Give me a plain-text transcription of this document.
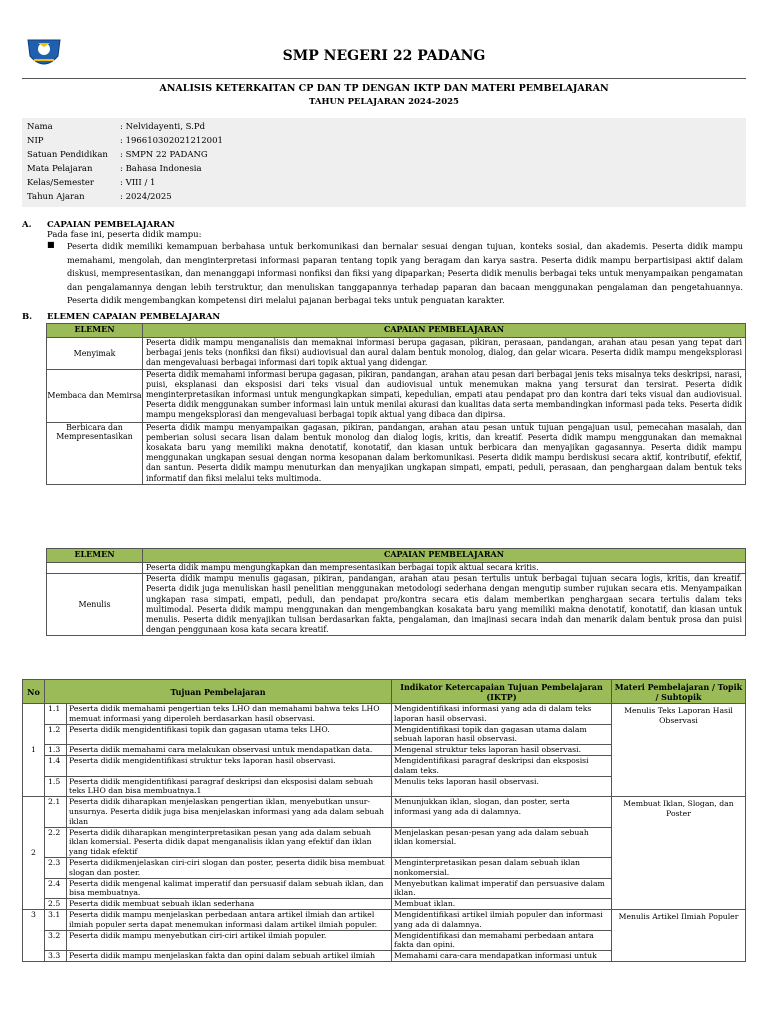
SMP NEGERI 22 PADANG
ANALISIS KETERKAITAN CP DAN TP DENGAN IKTP DAN MATERI PEMBELAJARAN
TAHUN PELAJARAN 2024-2025
Nama	: Nelvidayenti, S.Pd
NIP	: 196610302021212001
Satuan Pendidikan	: SMPN 22 PADANG
Mata Pelajaran	: Bahasa Indonesia
Kelas/Semester	: VIII / 1
Tahun Ajaran	: 2024/2025
A.	CAPAIAN PEMBELAJARAN
Pada fase ini, peserta didik mampu:
■	Peserta didik memiliki kemampuan berbahasa untuk berkomunikasi dan bernalar sesuai dengan tujuan, konteks sosial, dan akademis. Peserta didik mampu memahami, mengolah, dan menginterpretasi informasi paparan tentang topik yang beragam dan karya sastra. Peserta didik mampu berpartisipasi aktif dalam diskusi, mempresentasikan, dan menanggapi informasi nonfiksi dan fiksi yang dipaparkan; Peserta didik menulis berbagai teks untuk menyampaikan pengamatan dan pengalamannya dengan lebih terstruktur, dan menuliskan tanggapannya terhadap paparan dan bacaan menggunakan pengalaman dan pengetahuannya. Peserta didik mengembangkan kompetensi diri melalui pajanan berbagai teks untuk penguatan karakter.
B.	ELEMEN CAPAIAN PEMBELAJARAN
ELEMEN	CAPAIAN PEMBELAJARAN
Menyimak	Peserta didik mampu menganalisis dan memaknai informasi berupa gagasan, pikiran, perasaan, pandangan, arahan atau pesan yang tepat dari berbagai jenis teks (nonfiksi dan fiksi) audiovisual dan aural dalam bentuk monolog, dialog, dan gelar wicara. Peserta didik mampu mengeksplorasi dan mengevaluasi berbagai informasi dari topik aktual yang didengar.
Membaca dan Memirsa	Peserta didik memahami informasi berupa gagasan, pikiran, pandangan, arahan atau pesan dari berbagai jenis teks misalnya teks deskripsi, narasi, puisi, eksplanasi dan eksposisi dari teks visual dan audiovisual untuk menemukan makna yang tersurat dan tersirat. Peserta didik menginterpretasikan informasi untuk mengungkapkan simpati, kepedulian, empati atau pendapat pro dan kontra dari teks visual dan audiovisual. Peserta didik menggunakan sumber informasi lain untuk menilai akurasi dan kualitas data serta membandingkan informasi pada teks. Peserta didik mampu mengeksplorasi dan mengevaluasi berbagai topik aktual yang dibaca dan dipirsa.
Berbicara dan Mempresentasikan	Peserta didik mampu menyampaikan gagasan, pikiran, pandangan, arahan atau pesan untuk tujuan pengajuan usul, pemecahan masalah, dan pemberian solusi secara lisan dalam bentuk monolog dan dialog logis, kritis, dan kreatif. Peserta didik mampu menggunakan dan memaknai kosakata baru yang memiliki makna denotatif, konotatif, dan kiasan untuk berbicara dan menyajikan gagasannya. Peserta didik mampu menggunakan ungkapan sesuai dengan norma kesopanan dalam berkomunikasi. Peserta didik mampu berdiskusi secara aktif, kontributif, efektif, dan santun. Peserta didik mampu menuturkan dan menyajikan ungkapan simpati, empati, peduli, perasaan, dan penghargaan dalam bentuk teks informatif dan fiksi melalui teks multimoda.
ELEMEN	CAPAIAN PEMBELAJARAN
	Peserta didik mampu mengungkapkan dan mempresentasikan berbagai topik aktual secara kritis.
Menulis	Peserta didik mampu menulis gagasan, pikiran, pandangan, arahan atau pesan tertulis untuk berbagai tujuan secara logis, kritis, dan kreatif. Peserta didik juga menuliskan hasil penelitian menggunakan metodologi sederhana dengan mengutip sumber rujukan secara etis. Menyampaikan ungkapan rasa simpati, empati, peduli, dan pendapat pro/kontra secara etis dalam memberikan penghargaan secara tertulis dalam teks multimodal. Peserta didik mampu menggunakan dan mengembangkan kosakata baru yang memiliki makna denotatif, konotatif, dan kiasan untuk menulis. Peserta didik menyajikan tulisan berdasarkan fakta, pengalaman, dan imajinasi secara indah dan menarik dalam bentuk prosa dan puisi dengan penggunaan kosa kata secara kreatif.
No	Tujuan Pembelajaran		Indikator Ketercapaian Tujuan Pembelajaran (IKTP)	Materi Pembelajaran / Topik / Subtopik
1	1.1	Peserta didik memahami pengertian teks LHO dan memahami bahwa teks LHO memuat informasi yang diperoleh berdasarkan hasil observasi.	Mengidentifikasi informasi yang ada di dalam teks laporan hasil observasi.	Menulis Teks Laporan Hasil Observasi
	1.2	Peserta didik mengidentifikasi topik dan gagasan utama teks LHO.	Mengidentifikasi topik dan gagasan utama dalam sebuah laporan hasil observasi.	
	1.3	Peserta didik memahami cara melakukan observasi untuk mendapatkan data.	Mengenal struktur teks laporan hasil observasi.	
	1.4	Peserta didik mengidentifikasi struktur teks laporan hasil observasi.	Mengidentifikasi paragraf deskripsi dan eksposisi dalam teks.	
	1.5	Peserta didik mengidentifikasi paragraf deskripsi dan eksposisi dalam sebuah teks LHO dan bisa membuatnya.1	Menulis teks laporan hasil observasi.	
2	2.1	Peserta didik diharapkan menjelaskan pengertian iklan, menyebutkan unsur-unsurnya. Peserta didik juga bisa menjelaskan informasi yang ada dalam sebuah iklan	Menunjukkan iklan, slogan, dan poster, serta informasi yang ada di dalamnya.	Membuat Iklan, Slogan, dan Poster
	2.2	Peserta didik diharapkan menginterpretasikan pesan yang ada dalam sebuah iklan komersial. Peserta didik dapat menganalisis iklan yang efektif dan iklan yang tidak efektif	Menjelaskan pesan-pesan yang ada dalam sebuah iklan komersial.	
	2.3	Peserta didikmenjelaskan ciri-ciri slogan dan poster, peserta didik bisa membuat slogan dan poster.	Menginterpretasikan pesan dalam sebuah iklan nonkomersial.	
	2.4	Peserta didik mengenal kalimat imperatif dan persuasif dalam sebuah iklan, dan bisa membuatnya.	Menyebutkan kalimat imperatif dan persuasive dalam iklan.	
	2.5	Peserta didik membuat sebuah iklan sederhana	Membuat iklan.	
3	3.1	Peserta didik mampu menjelaskan perbedaan antara artikel ilmiah dan artikel ilmiah populer serta dapat menemukan informasi dalam artikel ilmiah populer.	Mengidentifikasi artikel ilmiah populer dan informasi yang ada di dalamnya.	Menulis Artikel Ilmiah Populer
	3.2	Peserta didik mampu menyebutkan ciri-ciri artikel ilmiah populer.	Mengidentifikasi dan memahami perbedaan antara fakta dan opini.	
	3.3	Peserta didik mampu menjelaskan fakta dan opini dalam sebuah artikel ilmiah	Memahami cara-cara mendapatkan informasi untuk	
